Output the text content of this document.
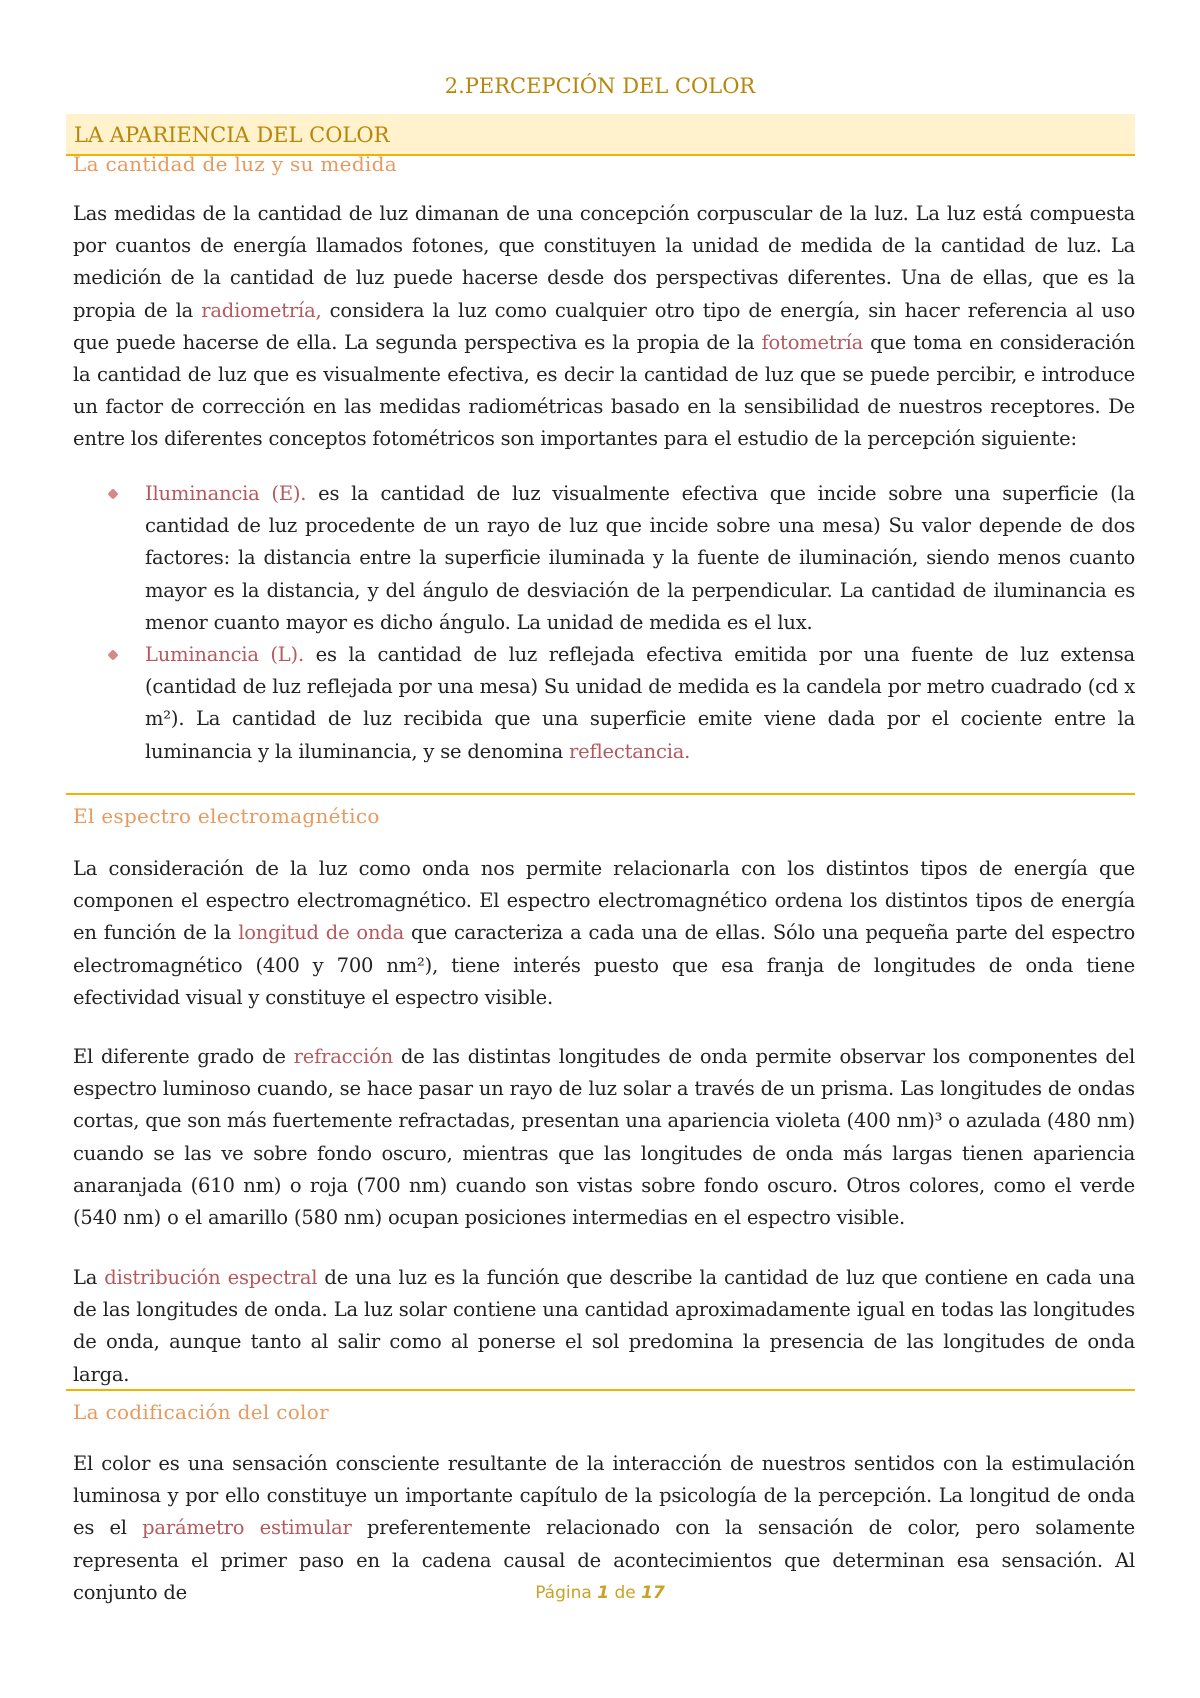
2.PERCEPCIÓN DEL COLOR
LA APARIENCIA DEL COLOR
La cantidad de luz y su medida

Las medidas de la cantidad de luz dimanan de una concepción corpuscular de la luz. La luz está compuesta por cuantos de energía llamados fotones, que constituyen la unidad de medida de la cantidad de luz. La medición de la cantidad de luz puede hacerse desde dos perspectivas diferentes. Una de ellas, que es la propia de la radiometría, considera la luz como cualquier otro tipo de energía, sin hacer referencia al uso que puede hacerse de ella. La segunda perspectiva es la propia de la fotometría que toma en consideración la cantidad de luz que es visualmente efectiva, es decir la cantidad de luz que se puede percibir, e introduce un factor de corrección en las medidas radiométricas basado en la sensibilidad de nuestros receptores. De entre los diferentes conceptos fotométricos son importantes para el estudio de la percepción siguiente:

Iluminancia (E). es la cantidad de luz visualmente efectiva que incide sobre una superficie (la cantidad de luz procedente de un rayo de luz que incide sobre una mesa) Su valor depende de dos factores: la distancia entre la superficie iluminada y la fuente de iluminación, siendo menos cuanto mayor es la distancia, y del ángulo de desviación de la perpendicular. La cantidad de iluminancia es menor cuanto mayor es dicho ángulo. La unidad de medida es el lux.
Luminancia (L). es la cantidad de luz reflejada efectiva emitida por una fuente de luz extensa (cantidad de luz reflejada por una mesa) Su unidad de medida es la candela por metro cuadrado (cd x m²). La cantidad de luz recibida que una superficie emite viene dada por el cociente entre la luminancia y la iluminancia, y se denomina reflectancia.
El espectro electromagnético

La consideración de la luz como onda nos permite relacionarla con los distintos tipos de energía que componen el espectro electromagnético. El espectro electromagnético ordena los distintos tipos de energía en función de la longitud de onda que caracteriza a cada una de ellas. Sólo una pequeña parte del espectro electromagnético (400 y 700 nm²), tiene interés puesto que esa franja de longitudes de onda tiene efectividad visual y constituye el espectro visible.

El diferente grado de refracción de las distintas longitudes de onda permite observar los componentes del espectro luminoso cuando, se hace pasar un rayo de luz solar a través de un prisma. Las longitudes de ondas cortas, que son más fuertemente refractadas, presentan una apariencia violeta (400 nm)³ o azulada (480 nm) cuando se las ve sobre fondo oscuro, mientras que las longitudes de onda más largas tienen apariencia anaranjada (610 nm) o roja (700 nm) cuando son vistas sobre fondo oscuro. Otros colores, como el verde (540 nm) o el amarillo (580 nm) ocupan posiciones intermedias en el espectro visible.

La distribución espectral de una luz es la función que describe la cantidad de luz que contiene en cada una de las longitudes de onda. La luz solar contiene una cantidad aproximadamente igual en todas las longitudes de onda, aunque tanto al salir como al ponerse el sol predomina la presencia de las longitudes de onda larga.

La codificación del color

El color es una sensación consciente resultante de la interacción de nuestros sentidos con la estimulación luminosa y por ello constituye un importante capítulo de la psicología de la percepción. La longitud de onda es el parámetro estimular preferentemente relacionado con la sensación de color, pero solamente representa el primer paso en la cadena causal de acontecimientos que determinan esa sensación. Al conjunto de	Página 1 de 17
